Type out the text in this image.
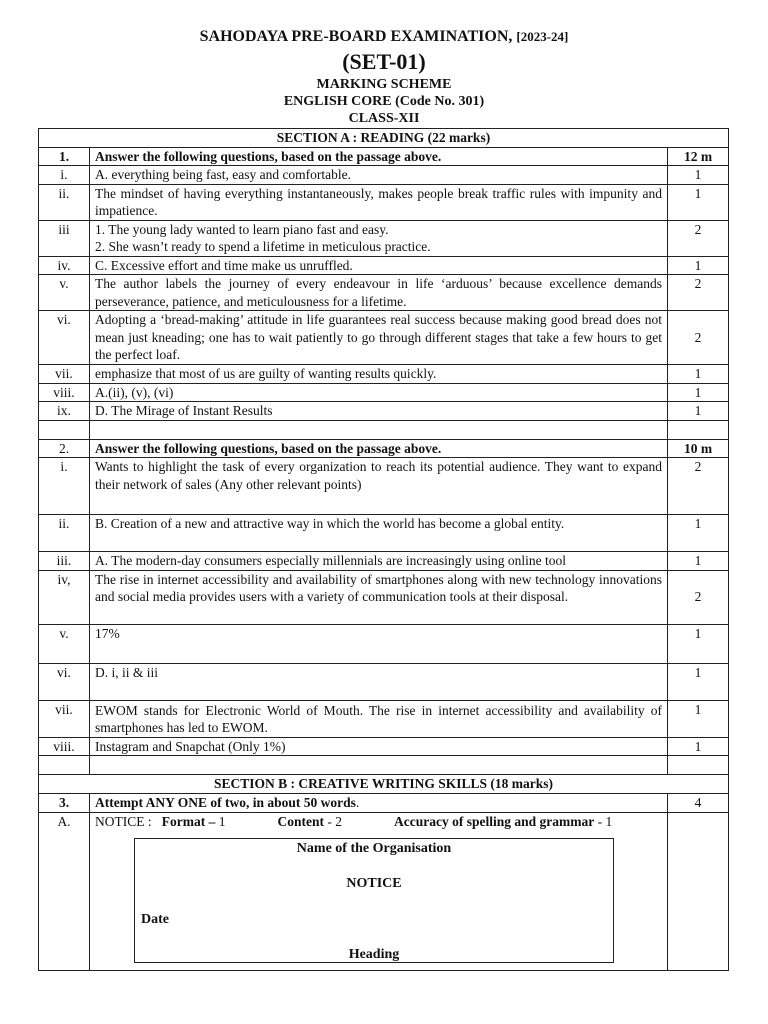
SAHODAYA PRE-BOARD EXAMINATION, [2023-24]
(SET-01)
MARKING SCHEME
ENGLISH CORE (Code No. 301)
CLASS-XII
SECTION A : READING (22 marks)		
1.	Answer the following questions, based on the passage above.	12 m
i.	A. everything being fast, easy and comfortable.	1
ii.	The mindset of having everything instantaneously, makes people break traffic rules with impunity and impatience.	1
iii	1. The young lady wanted to learn piano fast and easy.
2. She wasn’t ready to spend a lifetime in meticulous practice.	2
iv.	C. Excessive effort and time make us unruffled.	1
v.	The author labels the journey of every endeavour in life ‘arduous’ because excellence demands perseverance, patience, and meticulousness for a lifetime.	2
vi.	Adopting a ‘bread-making’ attitude in life guarantees real success because making good bread does not mean just kneading; one has to wait patiently to go through different stages that take a few hours to get the perfect loaf.	2
vii.	emphasize that most of us are guilty of wanting results quickly.	1
viii.	A.(ii), (v), (vi)	1
ix.	D. The Mirage of Instant Results	1

2.	Answer the following questions, based on the passage above.	10 m
i.	Wants to highlight the task of every organization to reach its potential audience. They want to expand their network of sales (Any other relevant points)	2
ii.	B. Creation of a new and attractive way in which the world has become a global entity.	1
iii.	A. The modern-day consumers especially millennials are increasingly using online tool	1
iv,	The rise in internet accessibility and availability of smartphones along with new technology innovations and social media provides users with a variety of communication tools at their disposal.	2
v.	17%	1
vi.	D. i, ii & iii	1
vii.	EWOM stands for Electronic World of Mouth. The rise in internet accessibility and availability of smartphones has led to EWOM.	1
viii.	Instagram and Snapchat (Only 1%)	1

SECTION B : CREATIVE WRITING SKILLS (18 marks)		
3.	Attempt ANY ONE of two, in about 50 words.	4
A.	NOTICE : Format – 1 Content - 2 Accuracy of spelling and grammar - 1
Name of the Organisation
NOTICE
Date
Heading	
